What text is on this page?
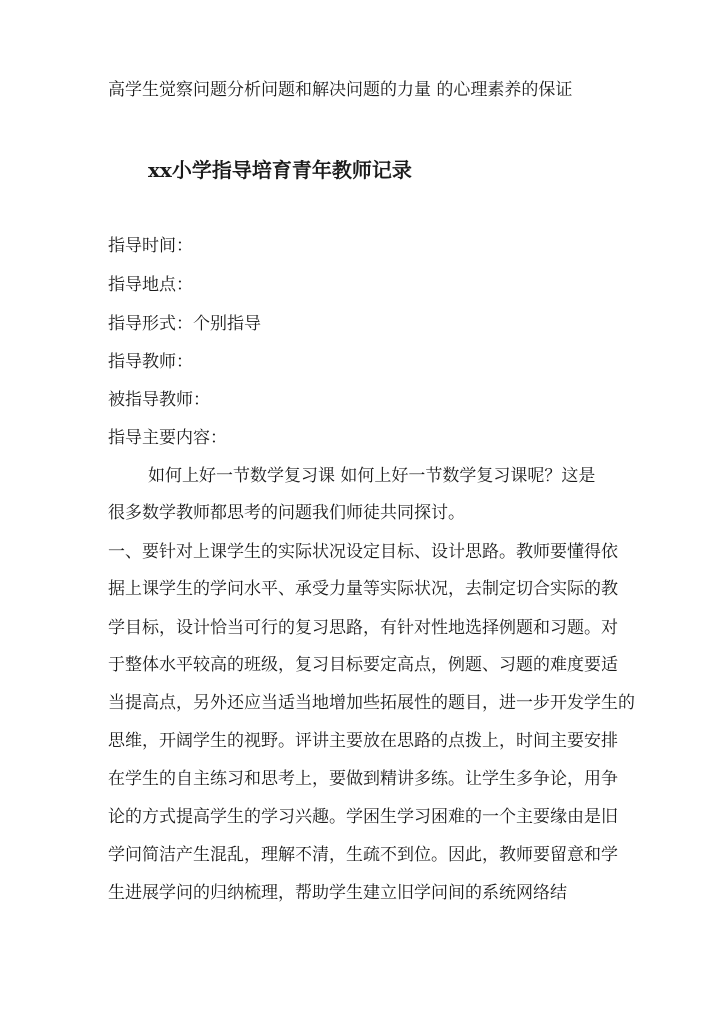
高学生觉察问题分析问题和解决问题的力量 的心理素养的保证
xx小学指导培育青年教师记录
指导时间：
指导地点：
指导形式：个别指导
指导教师：
被指导教师：
指导主要内容：
如何上好一节数学复习课 如何上好一节数学复习课呢？这是
很多数学教师都思考的问题我们师徒共同探讨。
一、要针对上课学生的实际状况设定目标、设计思路。教师要懂得依
据上课学生的学问水平、承受力量等实际状况，去制定切合实际的教
学目标，设计恰当可行的复习思路，有针对性地选择例题和习题。对
于整体水平较高的班级，复习目标要定高点，例题、习题的难度要适
当提高点，另外还应当适当地增加些拓展性的题目，进一步开发学生的
思维，开阔学生的视野。评讲主要放在思路的点拨上，时间主要安排
在学生的自主练习和思考上，要做到精讲多练。让学生多争论，用争
论的方式提高学生的学习兴趣。学困生学习困难的一个主要缘由是旧
学问简洁产生混乱，理解不清，生疏不到位。因此，教师要留意和学
生进展学问的归纳梳理，帮助学生建立旧学问间的系统网络结
